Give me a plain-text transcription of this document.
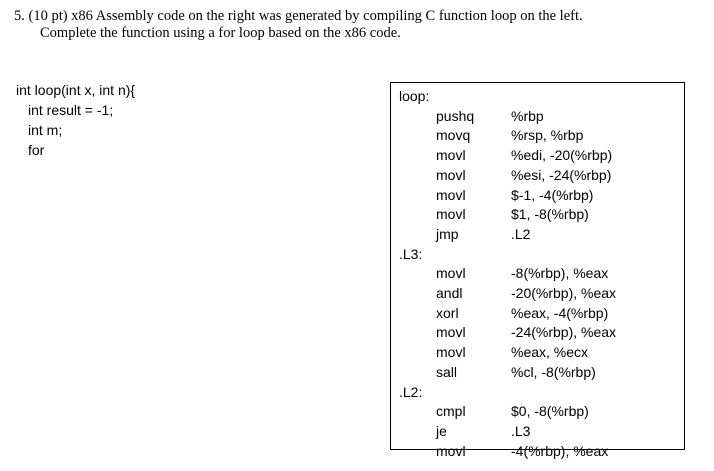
5. (10 pt) x86 Assembly code on the right was generated by compiling C function loop on the left.
Complete the function using a for loop based on the x86 code.
int loop(int x, int n){
int result = -1;
int m;
for
loop:
pushq	%rbp
movq	%rsp, %rbp
movl	%edi, -20(%rbp)
movl	%esi, -24(%rbp)
movl	$-1, -4(%rbp)
movl	$1, -8(%rbp)
jmp	.L2
.L3:
movl	-8(%rbp), %eax
andl	-20(%rbp), %eax
xorl	%eax, -4(%rbp)
movl	-24(%rbp), %eax
movl	%eax, %ecx
sall	%cl, -8(%rbp)
.L2:
cmpl	$0, -8(%rbp)
je	.L3
movl	-4(%rbp), %eax
